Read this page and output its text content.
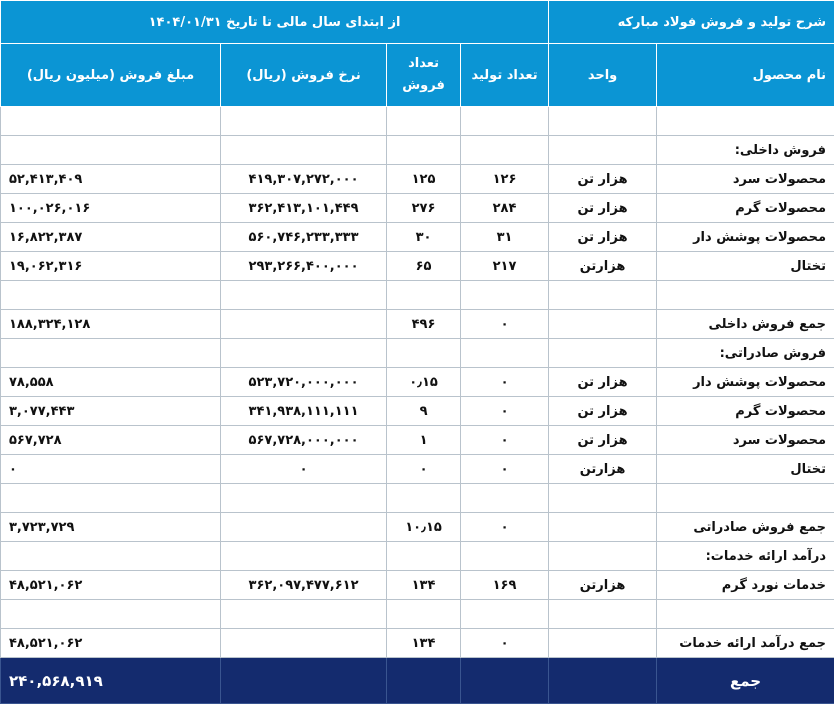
شرح تولید و فروش فولاد مبارکه		از ابتدای سال مالی تا تاریخ ۱۴۰۴/۰۱/۳۱			
نام محصول	واحد	تعداد تولید	تعداد فروش	نرخ فروش (ریال)	مبلغ فروش (میلیون ریال)

فروش داخلی:					
محصولات سرد	هزار تن	۱۲۶	۱۲۵	۴۱۹,۳۰۷,۲۷۲,۰۰۰	۵۲,۴۱۳,۴۰۹
محصولات گرم	هزار تن	۲۸۴	۲۷۶	۳۶۲,۴۱۳,۱۰۱,۴۴۹	۱۰۰,۰۲۶,۰۱۶
محصولات پوشش دار	هزار تن	۳۱	۳۰	۵۶۰,۷۴۶,۲۳۳,۳۳۳	۱۶,۸۲۲,۳۸۷
تختال	هزارتن	۲۱۷	۶۵	۲۹۳,۲۶۶,۴۰۰,۰۰۰	۱۹,۰۶۲,۳۱۶

جمع فروش داخلی		۰	۴۹۶		۱۸۸,۳۲۴,۱۲۸
فروش صادراتی:					
محصولات پوشش دار	هزار تن	۰	۰٫۱۵	۵۲۳,۷۲۰,۰۰۰,۰۰۰	۷۸,۵۵۸
محصولات گرم	هزار تن	۰	۹	۳۴۱,۹۳۸,۱۱۱,۱۱۱	۳,۰۷۷,۴۴۳
محصولات سرد	هزار تن	۰	۱	۵۶۷,۷۲۸,۰۰۰,۰۰۰	۵۶۷,۷۲۸
تختال	هزارتن	۰	۰	۰	۰

جمع فروش صادراتی		۰	۱۰٫۱۵		۳,۷۲۳,۷۲۹
درآمد ارائه خدمات:					
خدمات نورد گرم	هزارتن	۱۶۹	۱۳۴	۳۶۲,۰۹۷,۴۷۷,۶۱۲	۴۸,۵۲۱,۰۶۲

جمع درآمد ارائه خدمات		۰	۱۳۴		۴۸,۵۲۱,۰۶۲
جمع					۲۴۰,۵۶۸,۹۱۹
